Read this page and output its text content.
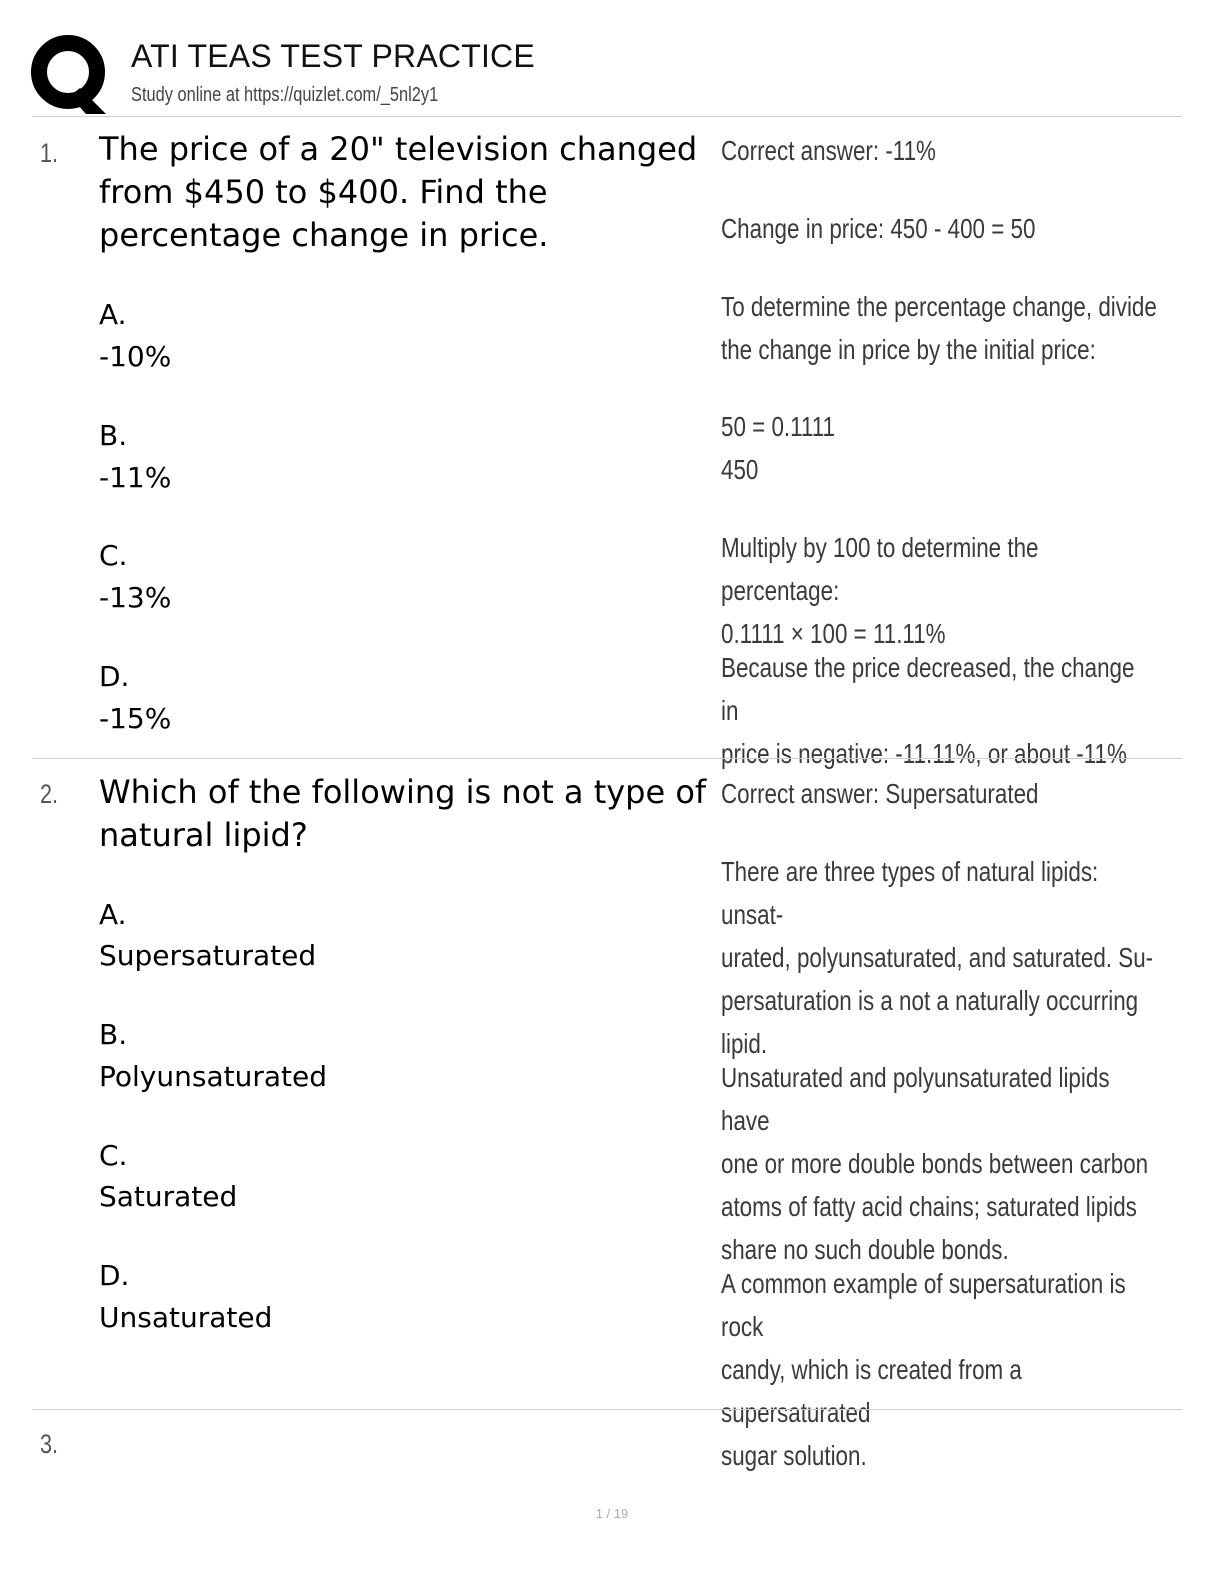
ATI TEAS TEST PRACTICE
Study online at https://quizlet.com/_5nl2y1
1. The price of a 20" television changed from $450 to $400. Find the percentage change in price.
A.
-10%
B.
-11%
C.
-13%
D.
-15%
Correct answer: -11%
Change in price: 450 - 400 = 50
To determine the percentage change, divide
the change in price by the initial price:
50 = 0.1111
450
Multiply by 100 to determine the percentage:
0.1111 × 100 = 11.11%
Because the price decreased, the change in
price is negative: -11.11%, or about -11%
2. Which of the following is not a type of natural lipid?
A.
Supersaturated
B.
Polyunsaturated
C.
Saturated
D.
Unsaturated
Correct answer: Supersaturated
There are three types of natural lipids: unsat-
urated, polyunsaturated, and saturated. Su-
persaturation is a not a naturally occurring
lipid.
Unsaturated and polyunsaturated lipids have
one or more double bonds between carbon
atoms of fatty acid chains; saturated lipids
share no such double bonds.
A common example of supersaturation is rock
candy, which is created from a supersaturated
sugar solution.
3.
1 / 19
